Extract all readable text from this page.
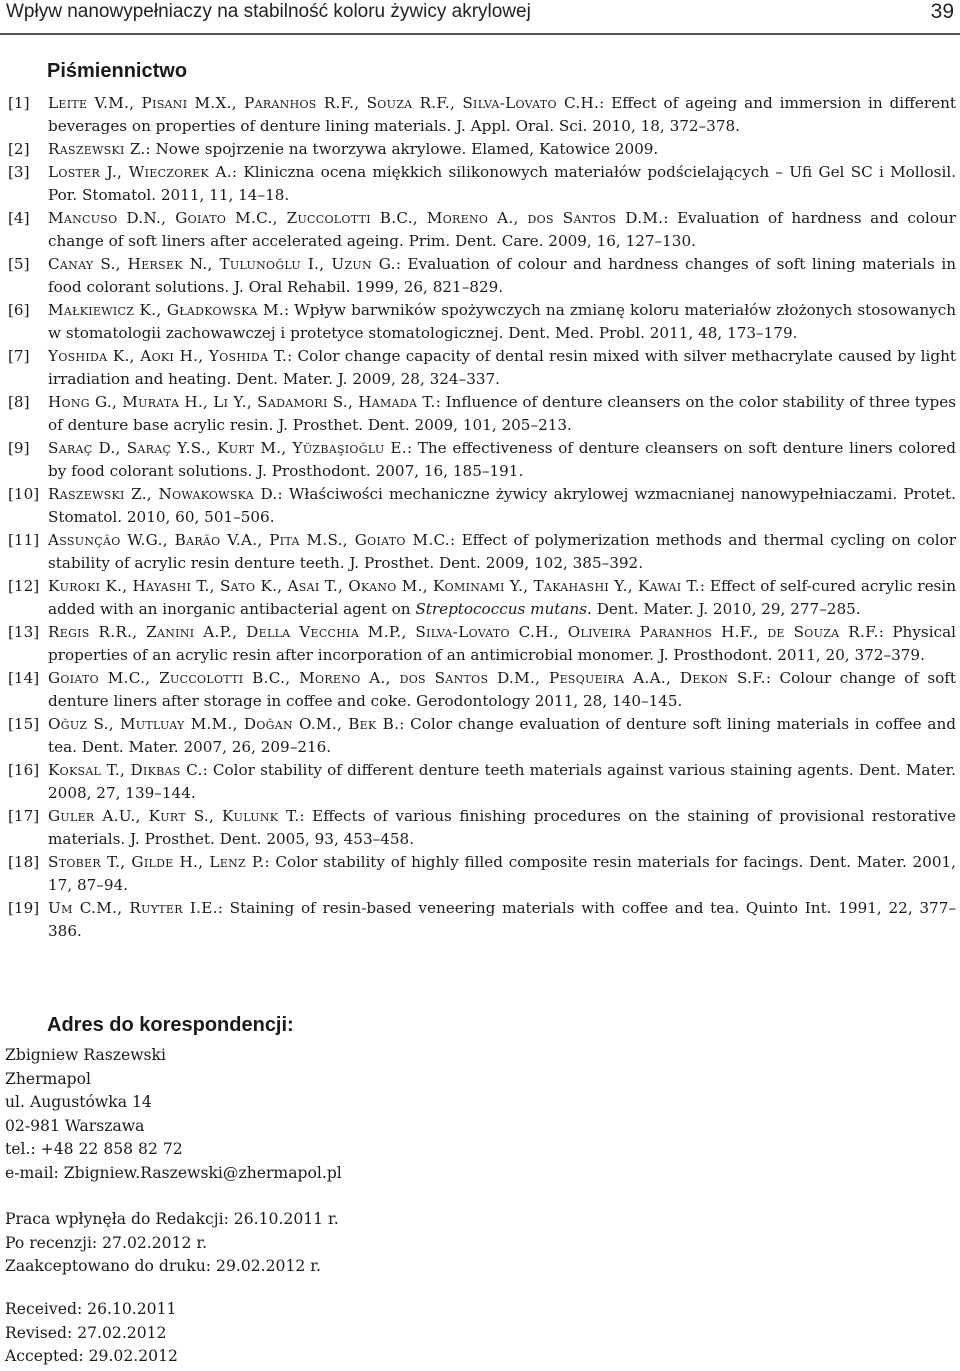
Wpływ nanowypełniaczy na stabilność koloru żywicy akrylowej	39
Piśmiennictwo
[1] Leite V.M., Pisani M.X., Paranhos R.F., Souza R.F., Silva-Lovato C.H.: Effect of ageing and immersion in different beverages on properties of denture lining materials. J. Appl. Oral. Sci. 2010, 18, 372–378.
[2] Raszewski Z.: Nowe spojrzenie na tworzywa akrylowe. Elamed, Katowice 2009.
[3] Loster J., Wieczorek A.: Kliniczna ocena miękkich silikonowych materiałów podścielających – Ufi Gel SC i Mollosil. Por. Stomatol. 2011, 11, 14–18.
[4] Mancuso D.N., Goiato M.C., Zuccolotti B.C., Moreno A., dos Santos D.M.: Evaluation of hardness and colour change of soft liners after accelerated ageing. Prim. Dent. Care. 2009, 16, 127–130.
[5] Canay S., Hersek N., Tulunoğlu I., Uzun G.: Evaluation of colour and hardness changes of soft lining materials in food colorant solutions. J. Oral Rehabil. 1999, 26, 821–829.
[6] Małkiewicz K., Gładkowska M.: Wpływ barwników spożywczych na zmianę koloru materiałów złożonych stosowanych w stomatologii zachowawczej i protetyce stomatologicznej. Dent. Med. Probl. 2011, 48, 173–179.
[7] Yoshida K., Aoki H., Yoshida T.: Color change capacity of dental resin mixed with silver methacrylate caused by light irradiation and heating. Dent. Mater. J. 2009, 28, 324–337.
[8] Hong G., Murata H., Li Y., Sadamori S., Hamada T.: Influence of denture cleansers on the color stability of three types of denture base acrylic resin. J. Prosthet. Dent. 2009, 101, 205–213.
[9] Saraç D., Saraç Y.S., Kurt M., Yüzbaşioğlu E.: The effectiveness of denture cleansers on soft denture liners colored by food colorant solutions. J. Prosthodont. 2007, 16, 185–191.
[10] Raszewski Z., Nowakowska D.: Właściwości mechaniczne żywicy akrylowej wzmacnianej nanowypełniaczami. Protet. Stomatol. 2010, 60, 501–506.
[11] Assunção W.G., Barão V.A., Pita M.S., Goiato M.C.: Effect of polymerization methods and thermal cycling on color stability of acrylic resin denture teeth. J. Prosthet. Dent. 2009, 102, 385–392.
[12] Kuroki K., Hayashi T., Sato K., Asai T., Okano M., Kominami Y., Takahashi Y., Kawai T.: Effect of self-cured acrylic resin added with an inorganic antibacterial agent on Streptococcus mutans. Dent. Mater. J. 2010, 29, 277–285.
[13] Regis R.R., Zanini A.P., Della Vecchia M.P., Silva-Lovato C.H., Oliveira Paranhos H.F., de Souza R.F.: Physical properties of an acrylic resin after incorporation of an antimicrobial monomer. J. Prosthodont. 2011, 20, 372–379.
[14] Goiato M.C., Zuccolotti B.C., Moreno A., dos Santos D.M., Pesqueira A.A., Dekon S.F.: Colour change of soft denture liners after storage in coffee and coke. Gerodontology 2011, 28, 140–145.
[15] Oğuz S., Mutluay M.M., Doğan O.M., Bek B.: Color change evaluation of denture soft lining materials in coffee and tea. Dent. Mater. 2007, 26, 209–216.
[16] Koksal T., Dikbas C.: Color stability of different denture teeth materials against various staining agents. Dent. Mater. 2008, 27, 139–144.
[17] Guler A.U., Kurt S., Kulunk T.: Effects of various finishing procedures on the staining of provisional restorative materials. J. Prosthet. Dent. 2005, 93, 453–458.
[18] Stober T., Gilde H., Lenz P.: Color stability of highly filled composite resin materials for facings. Dent. Mater. 2001, 17, 87–94.
[19] Um C.M., Ruyter I.E.: Staining of resin-based veneering materials with coffee and tea. Quinto Int. 1991, 22, 377–386.
Adres do korespondencji:
Zbigniew Raszewski
Zhermapol
ul. Augustówka 14
02-981 Warszawa
tel.: +48 22 858 82 72
e-mail: Zbigniew.Raszewski@zhermapol.pl
Praca wpłynęła do Redakcji: 26.10.2011 r.
Po recenzji: 27.02.2012 r.
Zaakceptowano do druku: 29.02.2012 r.
Received: 26.10.2011
Revised: 27.02.2012
Accepted: 29.02.2012
